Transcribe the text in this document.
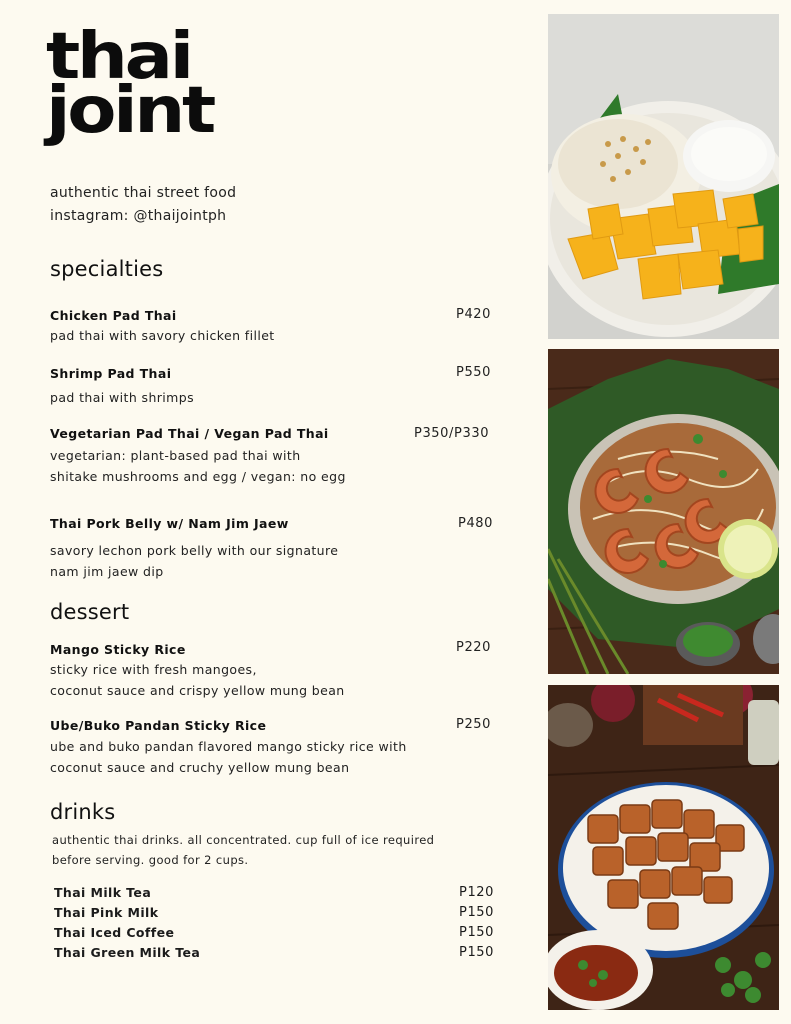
thai
joint
authentic thai street food
instagram: @thaijointph
specialties
Chicken Pad Thai	P420
pad thai with savory chicken fillet
Shrimp Pad Thai	P550
pad thai with shrimps
Vegetarian Pad Thai / Vegan Pad Thai	P350/P330
vegetarian: plant-based pad thai with
shitake mushrooms and egg / vegan: no egg
Thai Pork Belly w/ Nam Jim Jaew	P480
savory lechon pork belly with our signature
nam jim jaew dip
dessert
Mango Sticky Rice	P220
sticky rice with fresh mangoes,
coconut sauce and crispy yellow mung bean
Ube/Buko Pandan Sticky Rice	P250
ube and buko pandan flavored mango sticky rice with
coconut sauce and cruchy yellow mung bean
drinks
authentic thai drinks. all concentrated. cup full of ice required
before serving. good for 2 cups.
Thai Milk Tea	P120
Thai Pink Milk	P150
Thai Iced Coffee	P150
Thai Green Milk Tea	P150
